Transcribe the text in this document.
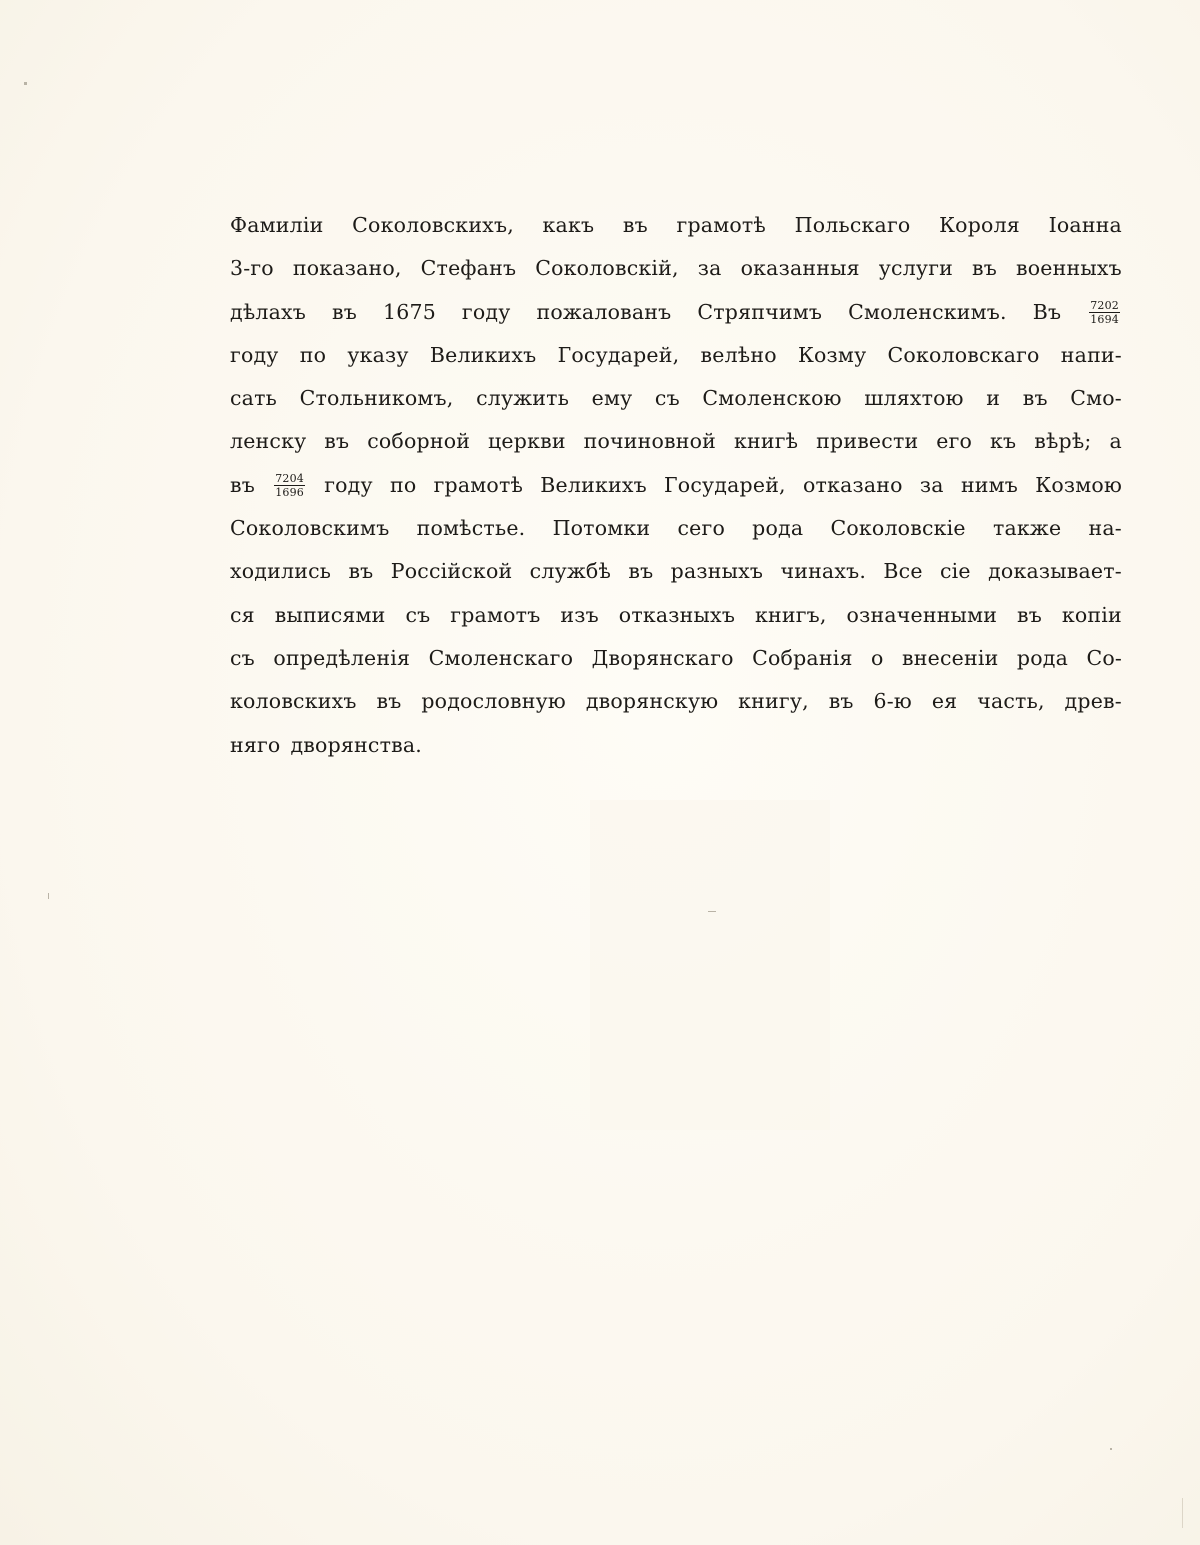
Фамиліи Соколовскихъ, какъ въ грамотѣ Польскаго Короля Іоанна
3-го показано, Стефанъ Соколовскій, за оказанныя услуги въ военныхъ
дѣлахъ въ 1675 году пожалованъ Стряпчимъ Смоленскимъ. Въ	$\frac{7202}{1694}$
году по указу Великихъ Государей, велѣно Козму Соколовскаго напи-
сать Стольникомъ, служить ему съ Смоленскою шляхтою и въ Смо-
ленску въ соборной церкви починовной книгѣ привести его къ вѣрѣ; а
въ $\frac{7204}{1696}$ году по грамотѣ Великихъ Государей, отказано за нимъ Козмою
Соколовскимъ помѣстье. Потомки сего рода Соколовскіе также на-
ходились въ Россійской службѣ въ разныхъ чинахъ. Все сіе доказывает-
ся выписями съ грамотъ изъ отказныхъ книгъ, означенными въ копіи
съ опредѣленія Смоленскаго Дворянскаго Собранія о внесеніи рода Со-
коловскихъ въ родословную дворянскую книгу, въ 6-ю ея часть, древ-
няго дворянства.
